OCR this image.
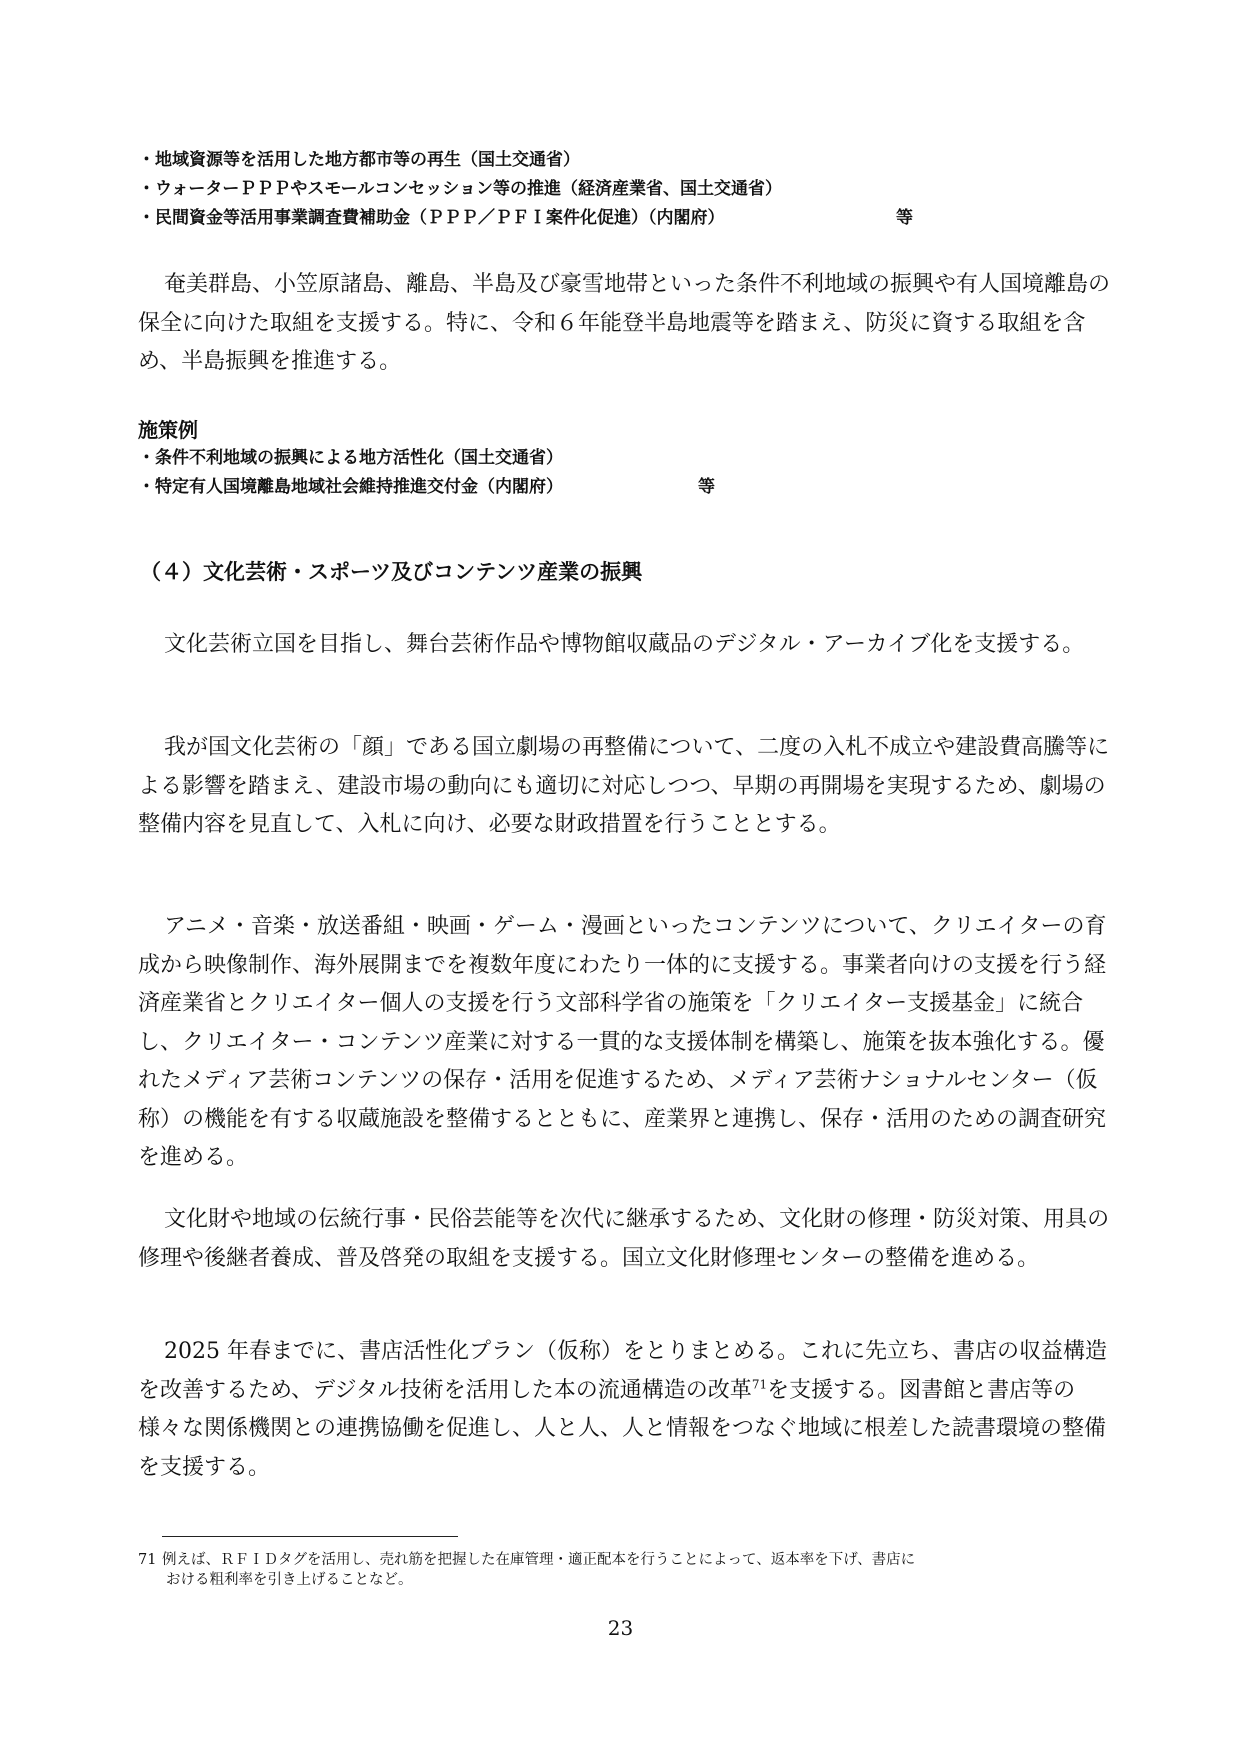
・地域資源等を活用した地方都市等の再生（国土交通省）
・ウォーターＰＰＰやスモールコンセッション等の推進（経済産業省、国土交通省）
・民間資金等活用事業調査費補助金（ＰＰＰ／ＰＦＩ案件化促進）（内閣府）	等

奄美群島、小笠原諸島、離島、半島及び豪雪地帯といった条件不利地域の振興や有人国境離島の保全に向けた取組を支援する。特に、令和６年能登半島地震等を踏まえ、防災に資する取組を含め、半島振興を推進する。

施策例
・条件不利地域の振興による地方活性化（国土交通省）
・特定有人国境離島地域社会維持推進交付金（内閣府）	等
（４）文化芸術・スポーツ及びコンテンツ産業の振興

文化芸術立国を目指し、舞台芸術作品や博物館収蔵品のデジタル・アーカイブ化を支援する。

我が国文化芸術の「顔」である国立劇場の再整備について、二度の入札不成立や建設費高騰等による影響を踏まえ、建設市場の動向にも適切に対応しつつ、早期の再開場を実現するため、劇場の整備内容を見直して、入札に向け、必要な財政措置を行うこととする。

アニメ・音楽・放送番組・映画・ゲーム・漫画といったコンテンツについて、クリエイターの育成から映像制作、海外展開までを複数年度にわたり一体的に支援する。事業者向けの支援を行う経済産業省とクリエイター個人の支援を行う文部科学省の施策を「クリエイター支援基金」に統合し、クリエイター・コンテンツ産業に対する一貫的な支援体制を構築し、施策を抜本強化する。優れたメディア芸術コンテンツの保存・活用を促進するため、メディア芸術ナショナルセンター（仮称）の機能を有する収蔵施設を整備するとともに、産業界と連携し、保存・活用のための調査研究を進める。

文化財や地域の伝統行事・民俗芸能等を次代に継承するため、文化財の修理・防災対策、用具の修理や後継者養成、普及啓発の取組を支援する。国立文化財修理センターの整備を進める。

2025 年春までに、書店活性化プラン（仮称）をとりまとめる。これに先立ち、書店の収益構造を改善するため、デジタル技術を活用した本の流通構造の改革$^{71}$を支援する。図書館と書店等の様々な関係機関との連携協働を促進し、人と人、人と情報をつなぐ地域に根差した読書環境の整備を支援する。

71 例えば、ＲＦＩＤタグを活用し、売れ筋を把握した在庫管理・適正配本を行うことによって、返本率を下げ、書店に
おける粗利率を引き上げることなど。
23
